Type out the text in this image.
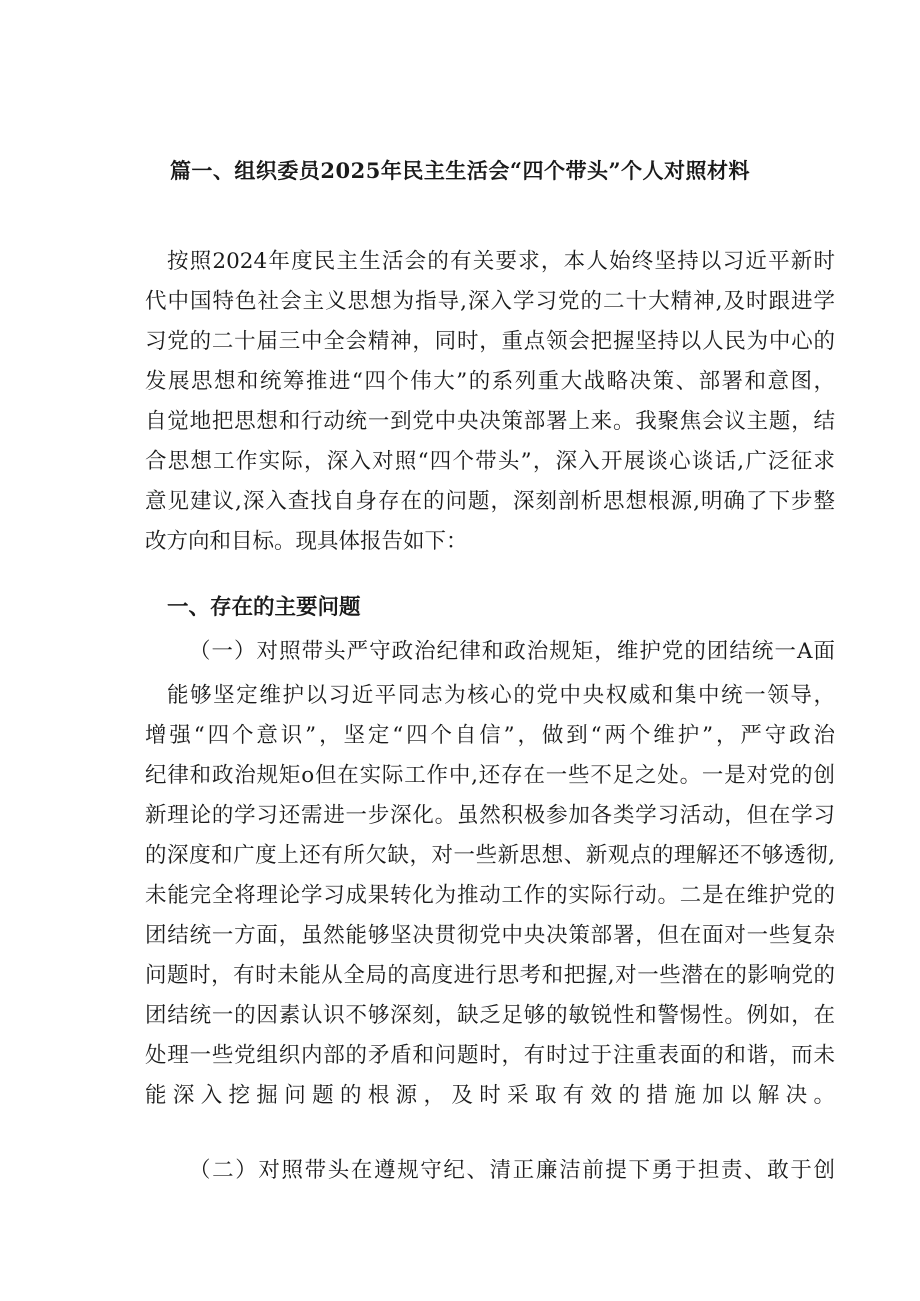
篇一、组织委员2025年民主生活会“四个带头”个人对照材料
按照2024年度民主生活会的有关要求，本人始终坚持以习近平新时
代中国特色社会主义思想为指导,深入学习党的二十大精神,及时跟进学
习党的二十届三中全会精神，同时，重点领会把握坚持以人民为中心的
发展思想和统筹推进“四个伟大”的系列重大战略决策、部署和意图，
自觉地把思想和行动统一到党中央决策部署上来。我聚焦会议主题，结
合思想工作实际，深入对照“四个带头”，深入开展谈心谈话,广泛征求
意见建议,深入查找自身存在的问题，深刻剖析思想根源,明确了下步整
改方向和目标。现具体报告如下：
一、存在的主要问题
（一）对照带头严守政治纪律和政治规矩，维护党的团结统一A面
能够坚定维护以习近平同志为核心的党中央权威和集中统一领导，
增强“四个意识”，坚定“四个自信”，做到“两个维护”，严守政治
纪律和政治规矩o但在实际工作中,还存在一些不足之处。一是对党的创
新理论的学习还需进一步深化。虽然积极参加各类学习活动，但在学习
的深度和广度上还有所欠缺，对一些新思想、新观点的理解还不够透彻,
未能完全将理论学习成果转化为推动工作的实际行动。二是在维护党的
团结统一方面，虽然能够坚决贯彻党中央决策部署，但在面对一些复杂
问题时，有时未能从全局的高度进行思考和把握,对一些潜在的影响党的
团结统一的因素认识不够深刻，缺乏足够的敏锐性和警惕性。例如，在
处理一些党组织内部的矛盾和问题时，有时过于注重表面的和谐，而未
能深入挖掘问题的根源，及时采取有效的措施加以解决。
（二）对照带头在遵规守纪、清正廉洁前提下勇于担责、敢于创
